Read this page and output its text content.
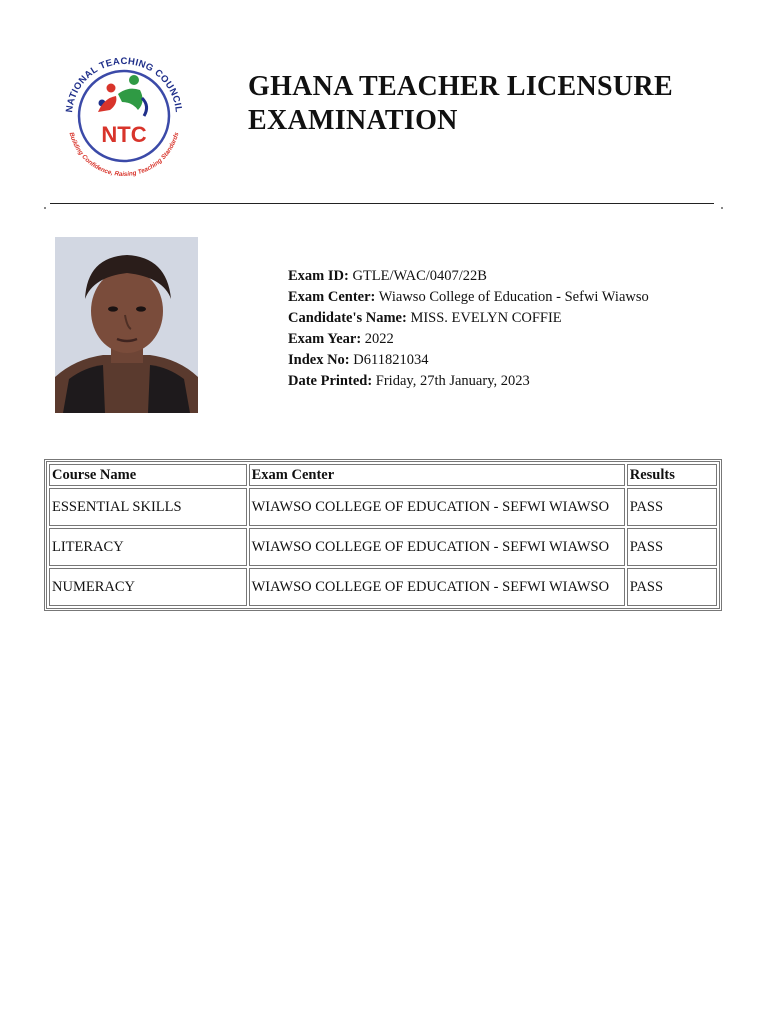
NATIONAL TEACHING COUNCIL
Building Confidence, Raising Teaching Standards
NTC
GHANA TEACHER LICENSURE
EXAMINATION
Exam ID: GTLE/WAC/0407/22B
Exam Center: Wiawso College of Education - Sefwi Wiawso
Candidate's Name: MISS. EVELYN COFFIE
Exam Year: 2022
Index No: D611821034
Date Printed: Friday, 27th January, 2023
Course Name	Exam Center	Results
ESSENTIAL SKILLS	WIAWSO COLLEGE OF EDUCATION - SEFWI WIAWSO	PASS
LITERACY	WIAWSO COLLEGE OF EDUCATION - SEFWI WIAWSO	PASS
NUMERACY	WIAWSO COLLEGE OF EDUCATION - SEFWI WIAWSO	PASS
